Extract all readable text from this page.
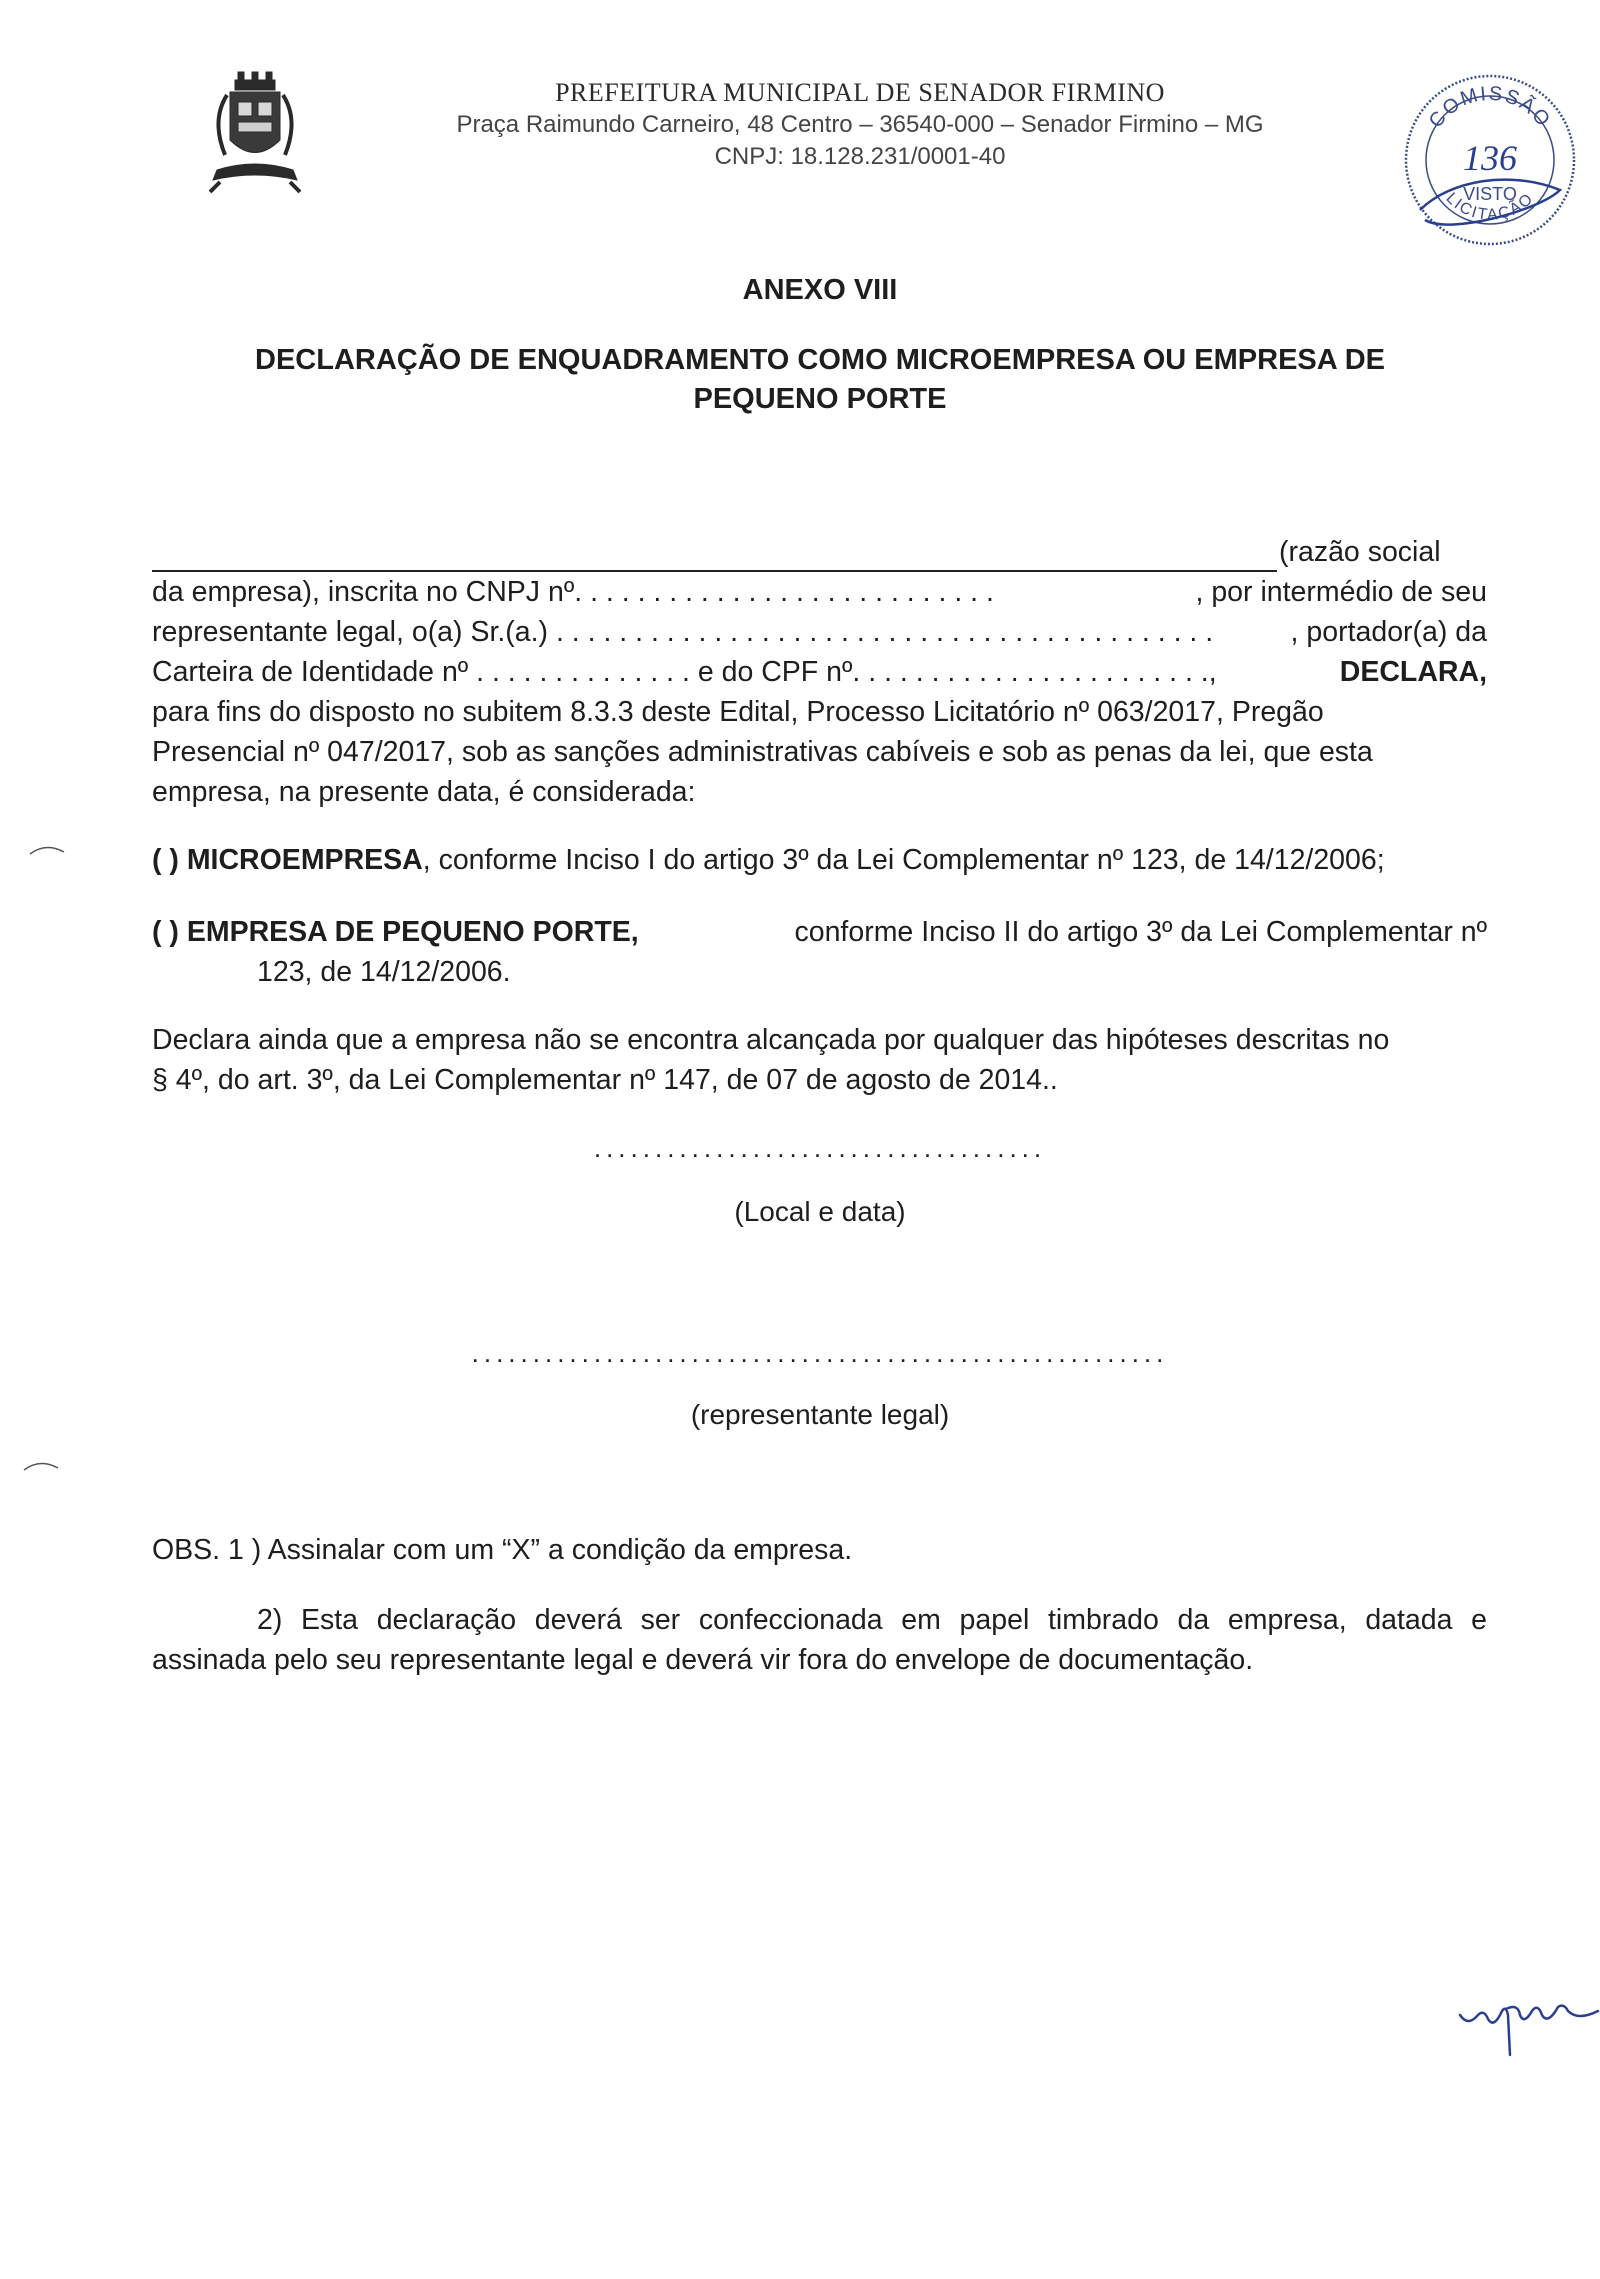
PREFEITURA MUNICIPAL DE SENADOR FIRMINO
Praça Raimundo Carneiro, 48 Centro – 36540-000 – Senador Firmino – MG
CNPJ: 18.128.231/0001-40
COMISSÃO
136
VISTO
LICITAÇÃO
ANEXO VIII
DECLARAÇÃO DE ENQUADRAMENTO COMO MICROEMPRESA OU EMPRESA DE PEQUENO PORTE
(razão social
da empresa), inscrita no CNPJ nº. . . . . . . . . . . . . . . . . . . . . . . . . . .	, por intermédio de seu
representante legal, o(a) Sr.(a.) . . . . . . . . . . . . . . . . . . . . . . . . . . . . . . . . . . . . . . . . . .	, portador(a) da
Carteira de Identidade nº . . . . . . . . . . . . . . e do CPF nº. . . . . . . . . . . . . . . . . . . . . . .,	DECLARA,
para fins do disposto no subitem 8.3.3 deste Edital, Processo Licitatório nº 063/2017, Pregão
Presencial nº 047/2017, sob as sanções administrativas cabíveis e sob as penas da lei, que esta
empresa, na presente data, é considerada:
( ) MICROEMPRESA, conforme Inciso I do artigo 3º da Lei Complementar nº 123, de 14/12/2006;
( ) EMPRESA DE PEQUENO PORTE,	conforme Inciso II do artigo 3º da Lei Complementar nº
123, de 14/12/2006.
Declara ainda que a empresa não se encontra alcançada por qualquer das hipóteses descritas no
§ 4º, do art. 3º, da Lei Complementar nº 147, de 07 de agosto de 2014..
.....................................
(Local e data)
.........................................................
(representante legal)
OBS. 1 ) Assinalar com um “X” a condição da empresa.
2) Esta declaração deverá ser confeccionada em papel timbrado da empresa, datada e
assinada pelo seu representante legal e deverá vir fora do envelope de documentação.
